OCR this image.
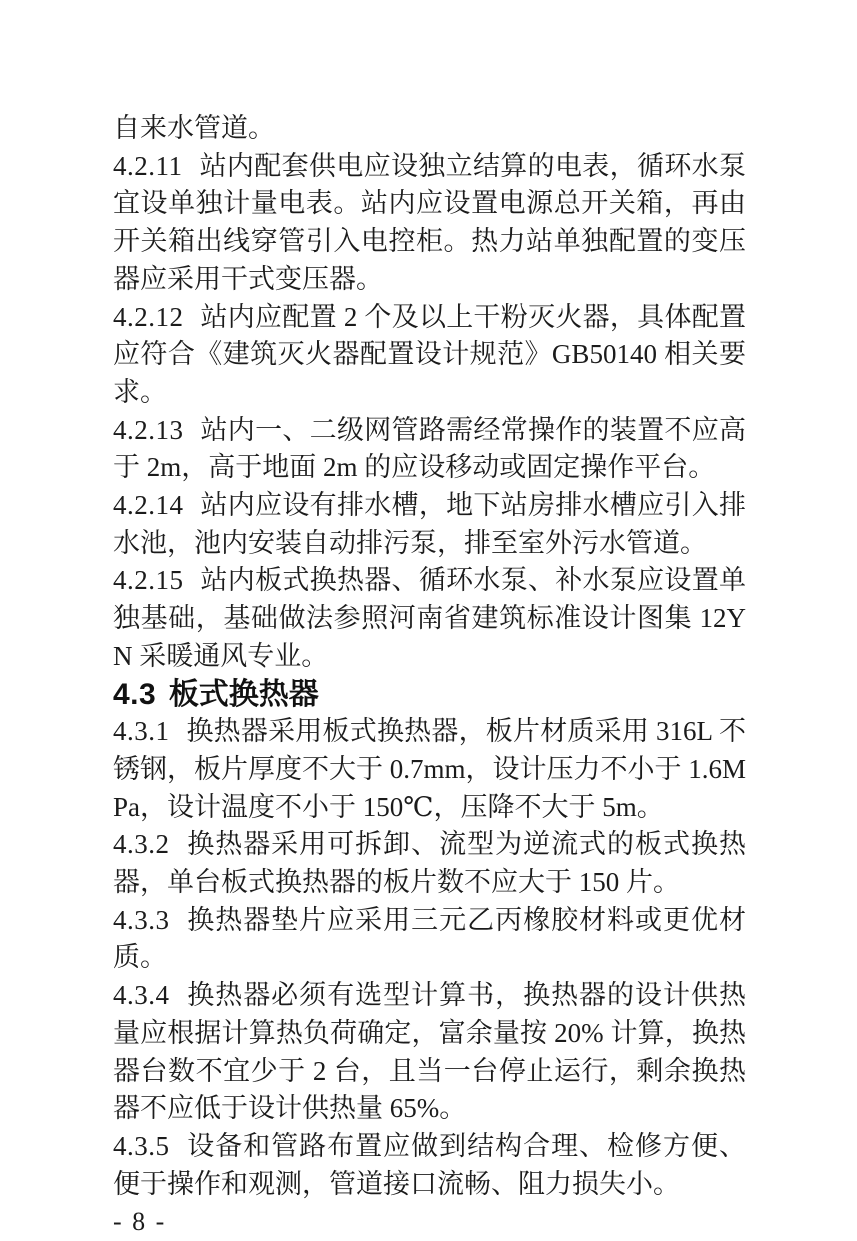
自来水管道。

4.2.11 站内配套供电应设独立结算的电表，循环水泵宜设单独计量电表。站内应设置电源总开关箱，再由开关箱出线穿管引入电控柜。热力站单独配置的变压器应采用干式变压器。

4.2.12 站内应配置 2 个及以上干粉灭火器，具体配置应符合《建筑灭火器配置设计规范》GB50140 相关要求。

4.2.13 站内一、二级网管路需经常操作的装置不应高于 2m，高于地面 2m 的应设移动或固定操作平台。

4.2.14 站内应设有排水槽，地下站房排水槽应引入排水池，池内安装自动排污泵，排至室外污水管道。

4.2.15 站内板式换热器、循环水泵、补水泵应设置单独基础，基础做法参照河南省建筑标准设计图集 12YN 采暖通风专业。

4.3 板式换热器

4.3.1 换热器采用板式换热器，板片材质采用 316L 不锈钢，板片厚度不大于 0.7mm，设计压力不小于 1.6MPa，设计温度不小于 150℃，压降不大于 5m。

4.3.2 换热器采用可拆卸、流型为逆流式的板式换热器，单台板式换热器的板片数不应大于 150 片。

4.3.3 换热器垫片应采用三元乙丙橡胶材料或更优材质。

4.3.4 换热器必须有选型计算书，换热器的设计供热量应根据计算热负荷确定，富余量按 20% 计算，换热器台数不宜少于 2 台，且当一台停止运行，剩余换热器不应低于设计供热量 65%。

4.3.5 设备和管路布置应做到结构合理、检修方便、便于操作和观测，管道接口流畅、阻力损失小。

- 8 -
